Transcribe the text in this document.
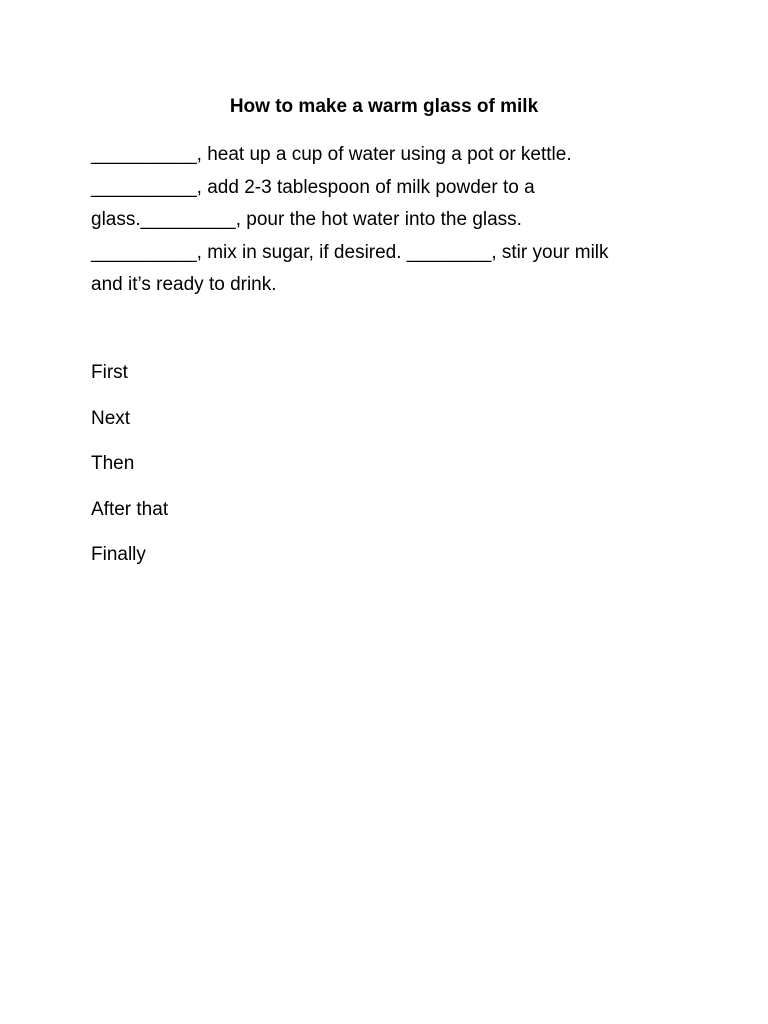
How to make a warm glass of milk

__________, heat up a cup of water using a pot or kettle.
__________, add 2-3 tablespoon of milk powder to a
glass._________, pour the hot water into the glass.
__________, mix in sugar, if desired. ________, stir your milk
and it’s ready to drink.

First
Next
Then
After that
Finally
